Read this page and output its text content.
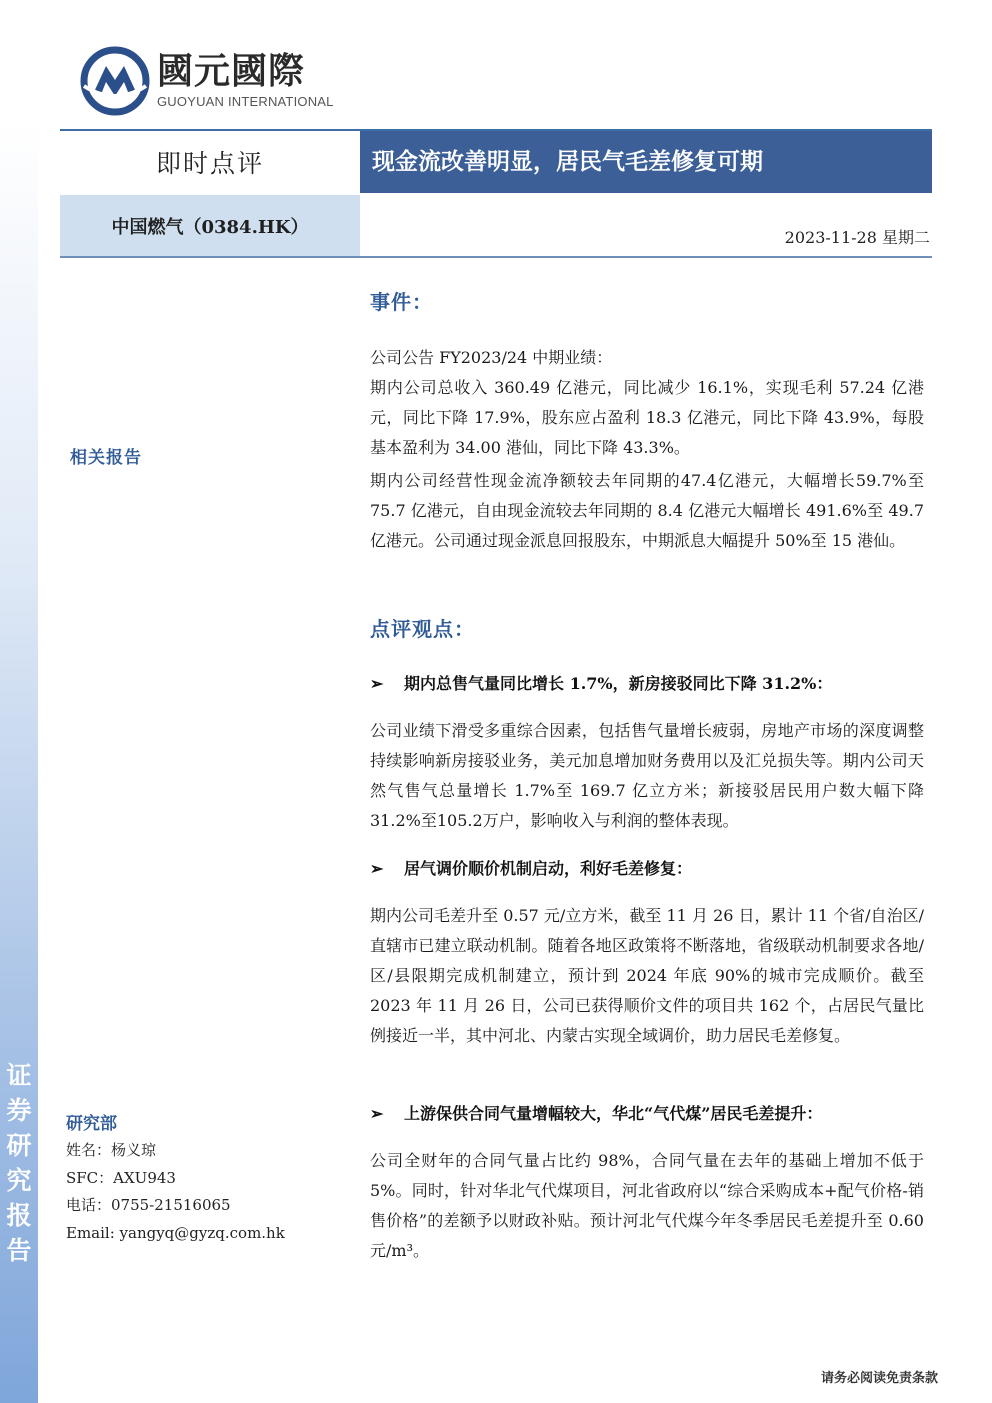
证券研究报告
國元國際
GUOYUAN INTERNATIONAL
即时点评	现金流改善明显，居民气毛差修复可期
中国燃气（0384.HK）	2023-11-28 星期二
相关报告
研究部
姓名：杨义琼
SFC：AXU943
电话：0755-21516065
Email: yangyq@gyzq.com.hk
事件：
公司公告 FY2023/24 中期业绩：
期内公司总收入 360.49 亿港元，同比减少 16.1%，实现毛利 57.24 亿港元，同比下降 17.9%，股东应占盈利 18.3 亿港元，同比下降 43.9%，每股基本盈利为 34.00 港仙，同比下降 43.3%。
期内公司经营性现金流净额较去年同期的47.4亿港元，大幅增长59.7%至 75.7 亿港元，自由现金流较去年同期的 8.4 亿港元大幅增长 491.6%至 49.7 亿港元。公司通过现金派息回报股东，中期派息大幅提升 50%至 15 港仙。
点评观点：
➢ 期内总售气量同比增长 1.7%，新房接驳同比下降 31.2%：
公司业绩下滑受多重综合因素，包括售气量增长疲弱，房地产市场的深度调整持续影响新房接驳业务，美元加息增加财务费用以及汇兑损失等。期内公司天然气售气总量增长 1.7%至 169.7 亿立方米；新接驳居民用户数大幅下降31.2%至105.2万户，影响收入与利润的整体表现。
➢ 居气调价顺价机制启动，利好毛差修复：
期内公司毛差升至 0.57 元/立方米，截至 11 月 26 日，累计 11 个省/自治区/直辖市已建立联动机制。随着各地区政策将不断落地，省级联动机制要求各地/区/县限期完成机制建立，预计到 2024 年底 90%的城市完成顺价。截至 2023 年 11 月 26 日，公司已获得顺价文件的项目共 162 个，占居民气量比例接近一半，其中河北、内蒙古实现全域调价，助力居民毛差修复。
➢ 上游保供合同气量增幅较大，华北“气代煤”居民毛差提升：
公司全财年的合同气量占比约 98%，合同气量在去年的基础上增加不低于 5%。同时，针对华北气代煤项目，河北省政府以“综合采购成本+配气价格-销售价格”的差额予以财政补贴。预计河北气代煤今年冬季居民毛差提升至 0.60 元/m³。
请务必阅读免责条款
